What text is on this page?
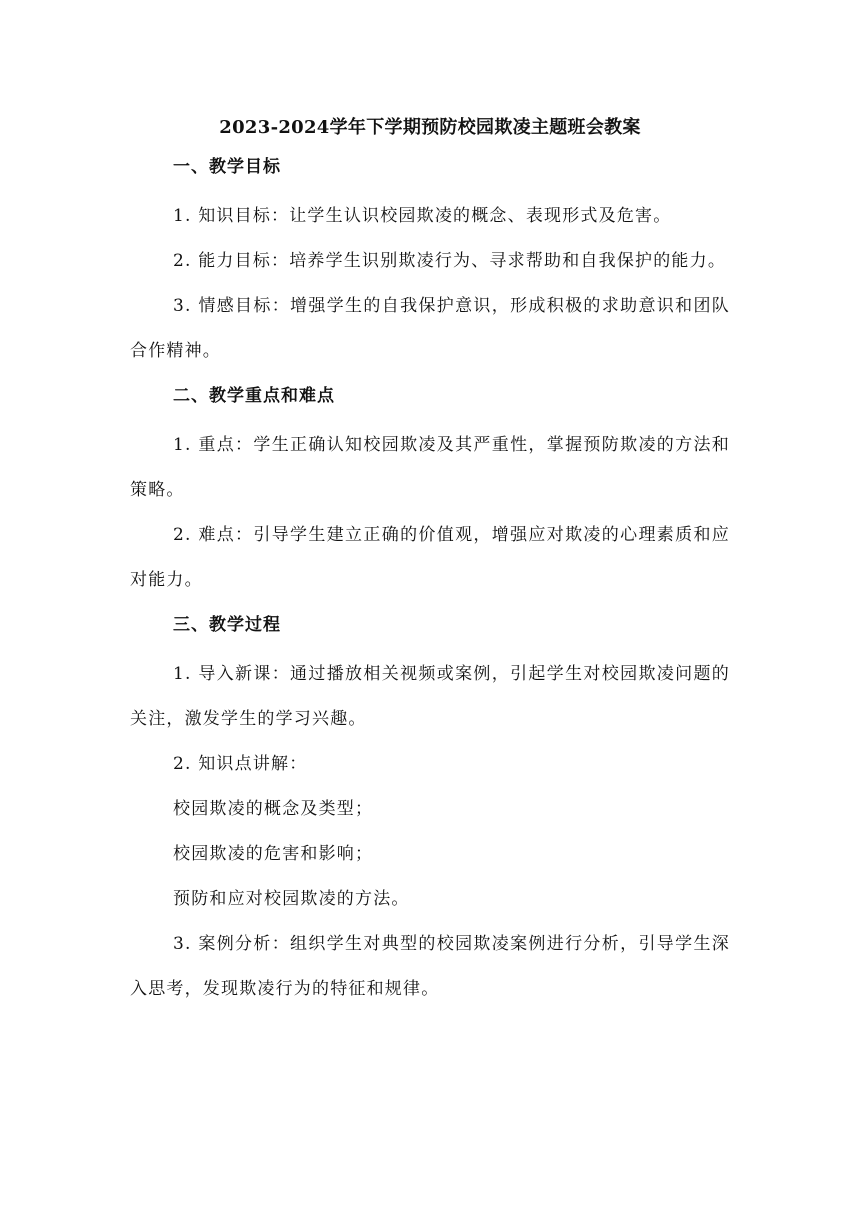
2023-2024学年下学期预防校园欺凌主题班会教案
一、教学目标

1. 知识目标：让学生认识校园欺凌的概念、表现形式及危害。

2. 能力目标：培养学生识别欺凌行为、寻求帮助和自我保护的能力。

3. 情感目标：增强学生的自我保护意识，形成积极的求助意识和团队合作精神。

二、教学重点和难点

1. 重点：学生正确认知校园欺凌及其严重性，掌握预防欺凌的方法和策略。

2. 难点：引导学生建立正确的价值观，增强应对欺凌的心理素质和应对能力。

三、教学过程

1. 导入新课：通过播放相关视频或案例，引起学生对校园欺凌问题的关注，激发学生的学习兴趣。

2. 知识点讲解：

校园欺凌的概念及类型；

校园欺凌的危害和影响；

预防和应对校园欺凌的方法。

3. 案例分析：组织学生对典型的校园欺凌案例进行分析，引导学生深入思考，发现欺凌行为的特征和规律。
